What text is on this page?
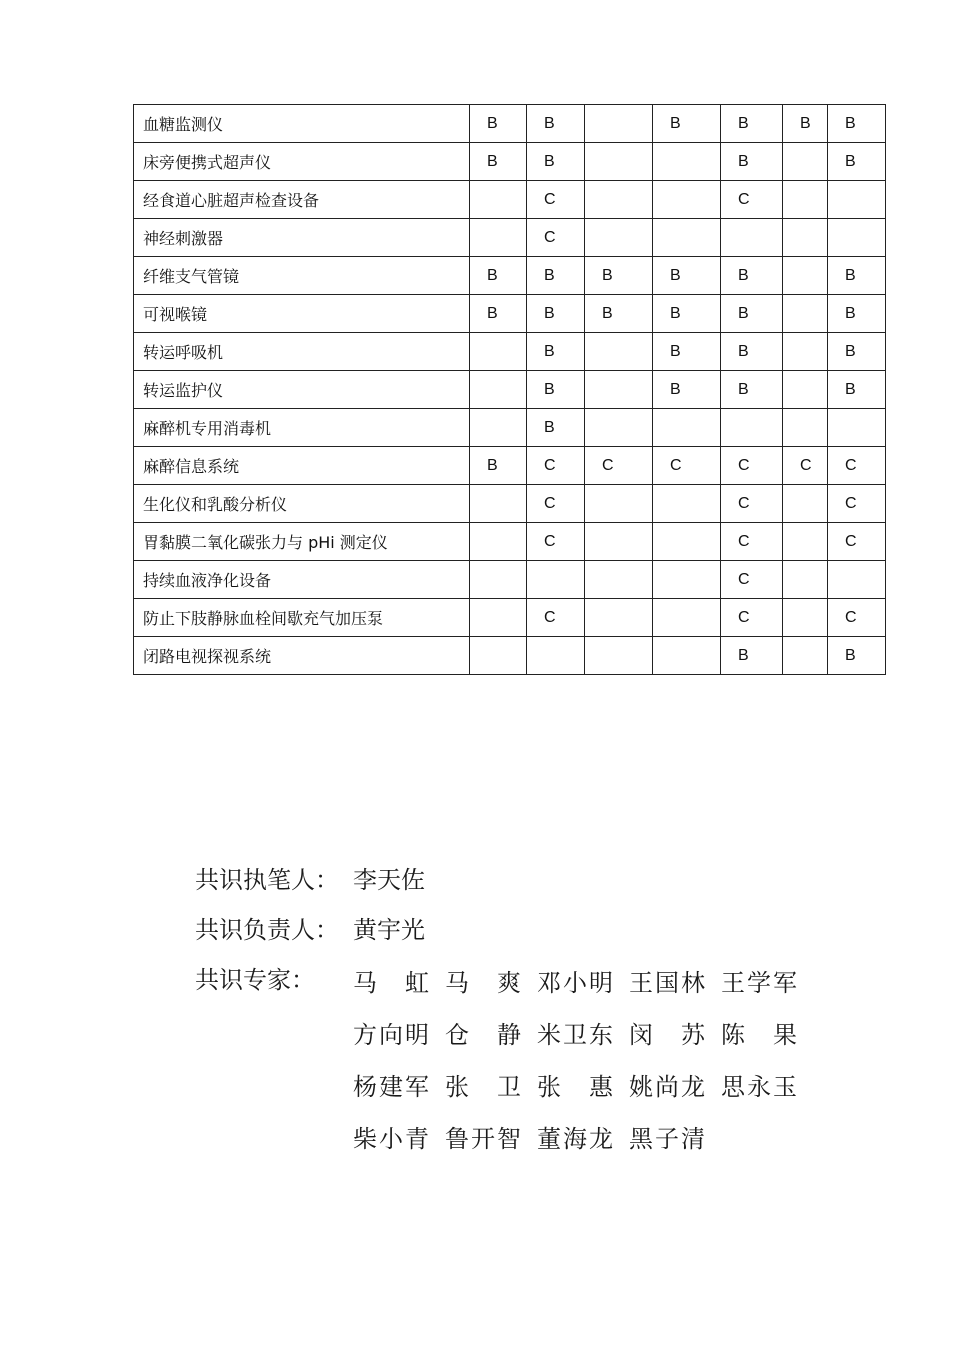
血糖监测仪	B	B		B	B	B	B
床旁便携式超声仪	B	B			B		B
经食道心脏超声检查设备		C			C		
神经刺激器		C					
纤维支气管镜	B	B	B	B	B		B
可视喉镜	B	B	B	B	B		B
转运呼吸机		B		B	B		B
转运监护仪		B		B	B		B
麻醉机专用消毒机		B					
麻醉信息系统	B	C	C	C	C	C	C
生化仪和乳酸分析仪		C			C		C
胃黏膜二氧化碳张力与 pHi 测定仪		C			C		C
持续血液净化设备					C		
防止下肢静脉血栓间歇充气加压泵		C			C		C
闭路电视探视系统					B		B
共识执笔人： 李天佐
共识负责人： 黄宇光
共识专家：	马 虹 马 爽 邓 小 明 王 国 林 王 学 军
方 向 明 仓 静 米 卫 东 闵 苏 陈 果
杨 建 军 张 卫 张 惠 姚 尚 龙 思 永 玉
柴 小 青 鲁 开 智 董 海 龙 黑 子 清
